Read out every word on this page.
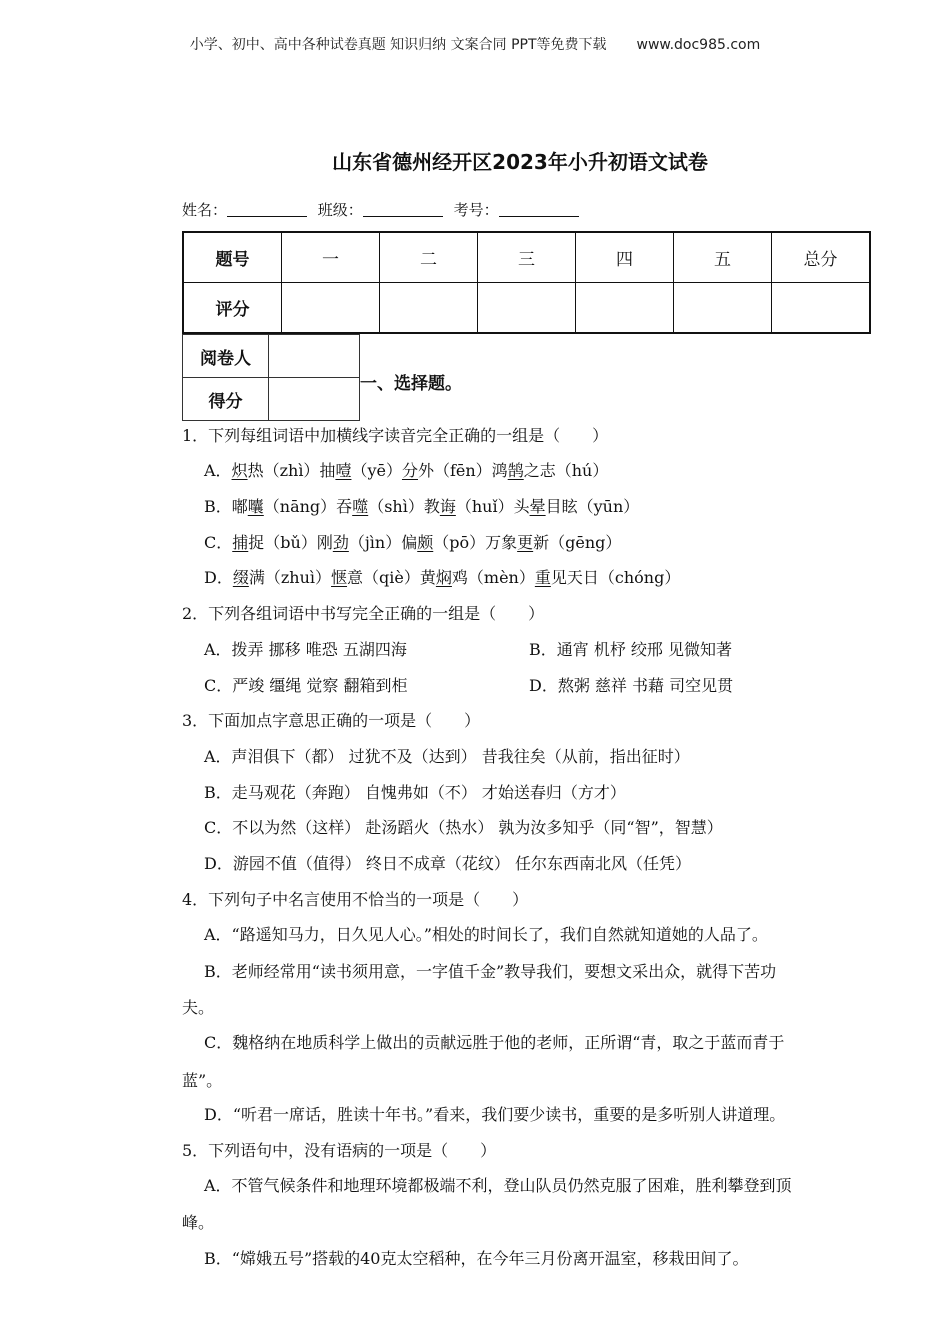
小学、初中、高中各种试卷真题 知识归纳 文案合同 PPT等免费下载 www.doc985.com
山东省德州经开区2023年小升初语文试卷
姓名：	班级：	考号：
题号	一	二	三	四	五	总分
评分						
阅卷人	
得分	
一、选择题。
1．下列每组词语中加横线字读音完全正确的一组是（　　）
A．炽热（zhì）抽噎（yē）分外（fēn）鸿鹄之志（hú）
B．嘟囔（nāng）吞噬（shì）教诲（huǐ）头晕目眩（yūn）
C．捕捉（bǔ）刚劲（jìn）偏颇（pō）万象更新（gēng）
D．缀满（zhuì）惬意（qiè）黄焖鸡（mèn）重见天日（chóng）
2．下列各组词语中书写完全正确的一组是（　　）
A．拨弄 挪移 唯恐 五湖四海	B．通宵 机杼 绞邢 见微知著
C．严竣 缰绳 觉察 翻箱到柜	D．熬粥 慈祥 书藉 司空见贯
3．下面加点字意思正确的一项是（　　）
A．声泪俱下（都） 过犹不及（达到） 昔我往矣（从前，指出征时）
B．走马观花（奔跑） 自愧弗如（不） 才始送春归（方才）
C．不以为然（这样） 赴汤蹈火（热水） 孰为汝多知乎（同“智”，智慧）
D．游园不值（值得） 终日不成章（花纹） 任尔东西南北风（任凭）
4．下列句子中名言使用不恰当的一项是（　　）
A．“路遥知马力，日久见人心。”相处的时间长了，我们自然就知道她的人品了。
B．老师经常用“读书须用意，一字值千金”教导我们，要想文采出众，就得下苦功
夫。
C．魏格纳在地质科学上做出的贡献远胜于他的老师，正所谓“青，取之于蓝而青于
蓝”。
D．“听君一席话，胜读十年书。”看来，我们要少读书，重要的是多听别人讲道理。
5．下列语句中，没有语病的一项是（　　）
A．不管气候条件和地理环境都极端不利，登山队员仍然克服了困难，胜利攀登到顶
峰。
B．“嫦娥五号”搭载的40克太空稻种，在今年三月份离开温室，移栽田间了。
